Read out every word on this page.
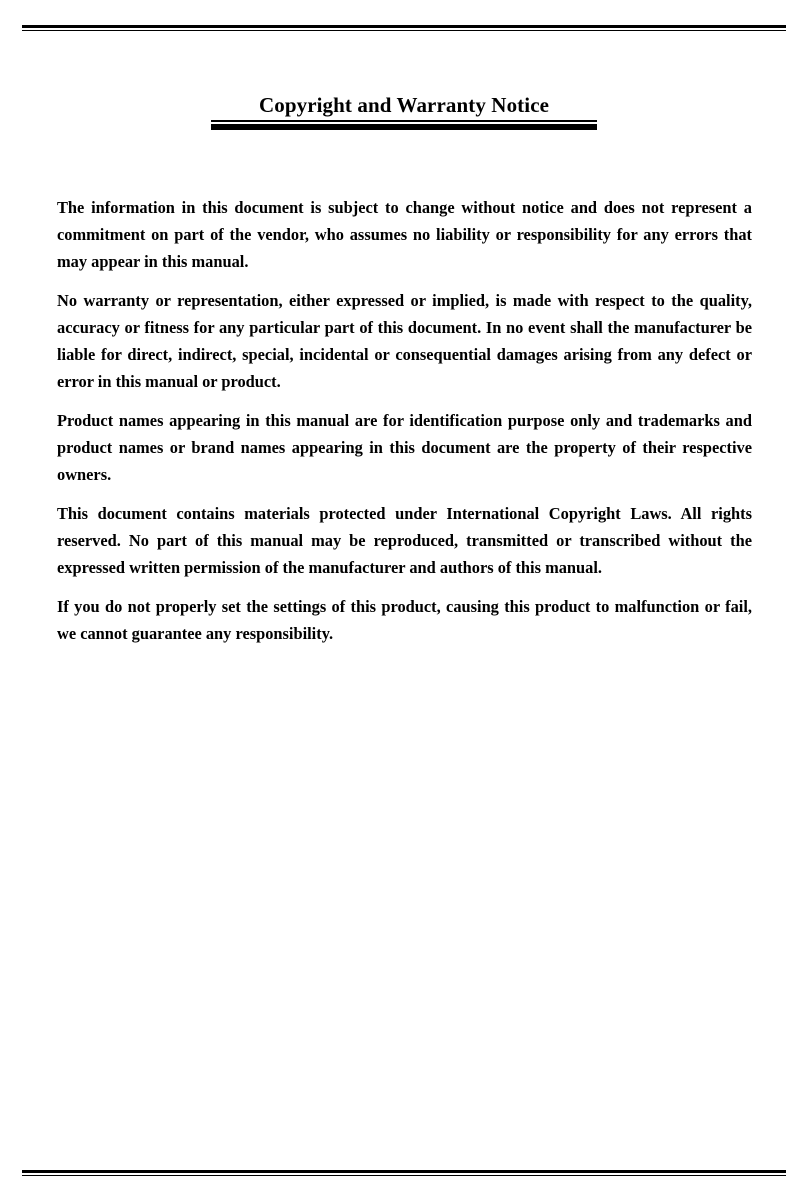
Copyright and Warranty Notice

The information in this document is subject to change without notice and does not represent a commitment on part of the vendor, who assumes no liability or responsibility for any errors that may appear in this manual.

No warranty or representation, either expressed or implied, is made with respect to the quality, accuracy or fitness for any particular part of this document. In no event shall the manufacturer be liable for direct, indirect, special, incidental or consequential damages arising from any defect or error in this manual or product.

Product names appearing in this manual are for identification purpose only and trademarks and product names or brand names appearing in this document are the property of their respective owners.

This document contains materials protected under International Copyright Laws. All rights reserved. No part of this manual may be reproduced, transmitted or transcribed without the expressed written permission of the manufacturer and authors of this manual.

If you do not properly set the settings of this product, causing this product to malfunction or fail, we cannot guarantee any responsibility.
